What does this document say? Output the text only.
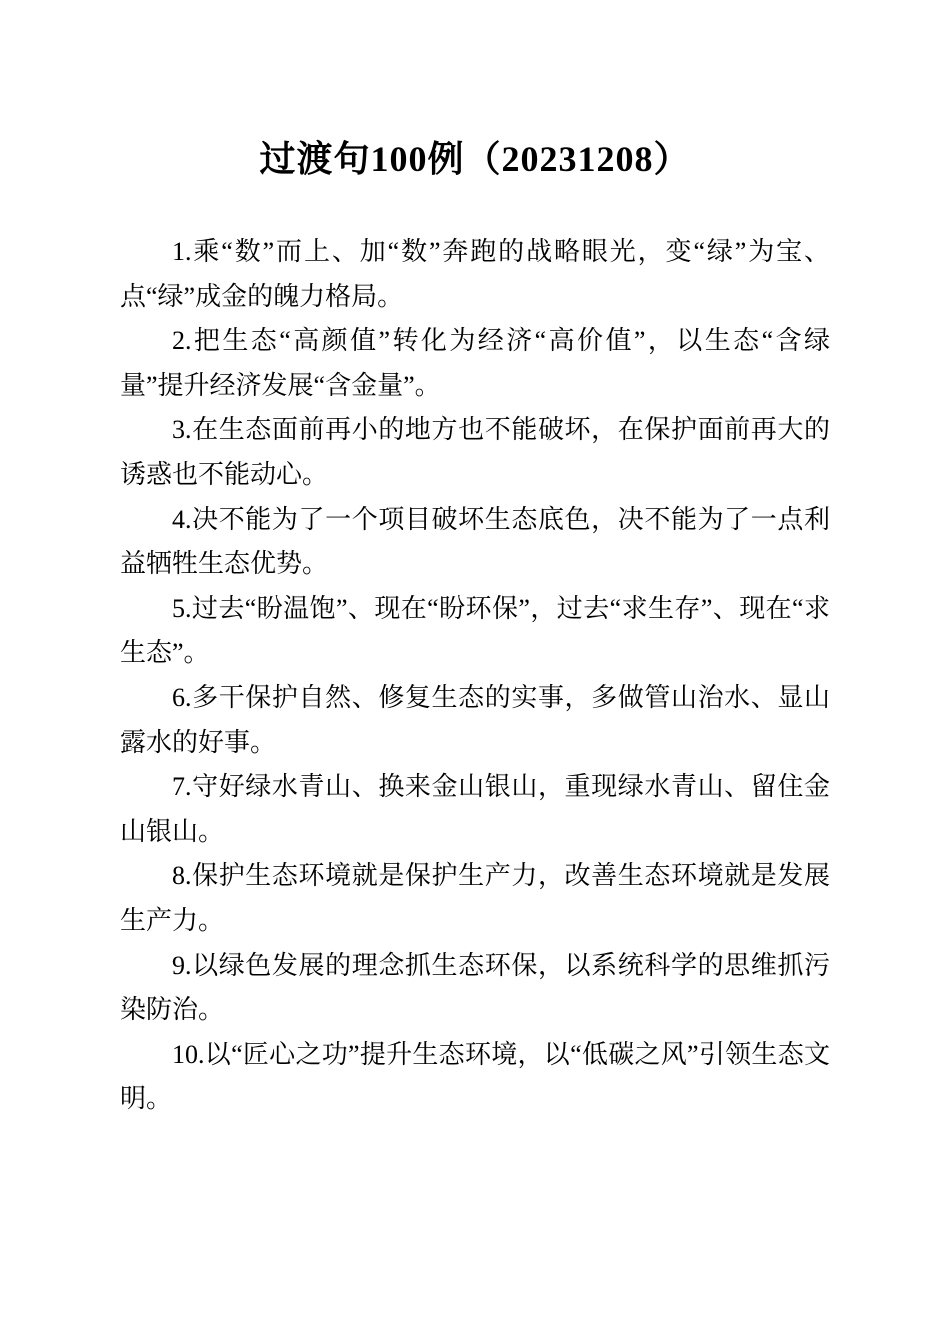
过渡句100例（20231208）

1.乘“数”而上、加“数”奔跑的战略眼光，变“绿”为宝、点“绿”成金的魄力格局。

2.把生态“高颜值”转化为经济“高价值”，以生态“含绿量”提升经济发展“含金量”。

3.在生态面前再小的地方也不能破坏，在保护面前再大的诱惑也不能动心。

4.决不能为了一个项目破坏生态底色，决不能为了一点利益牺牲生态优势。

5.过去“盼温饱”、现在“盼环保”，过去“求生存”、现在“求生态”。

6.多干保护自然、修复生态的实事，多做管山治水、显山露水的好事。

7.守好绿水青山、换来金山银山，重现绿水青山、留住金山银山。

8.保护生态环境就是保护生产力，改善生态环境就是发展生产力。

9.以绿色发展的理念抓生态环保，以系统科学的思维抓污染防治。

10.以“匠心之功”提升生态环境，以“低碳之风”引领生态文明。
